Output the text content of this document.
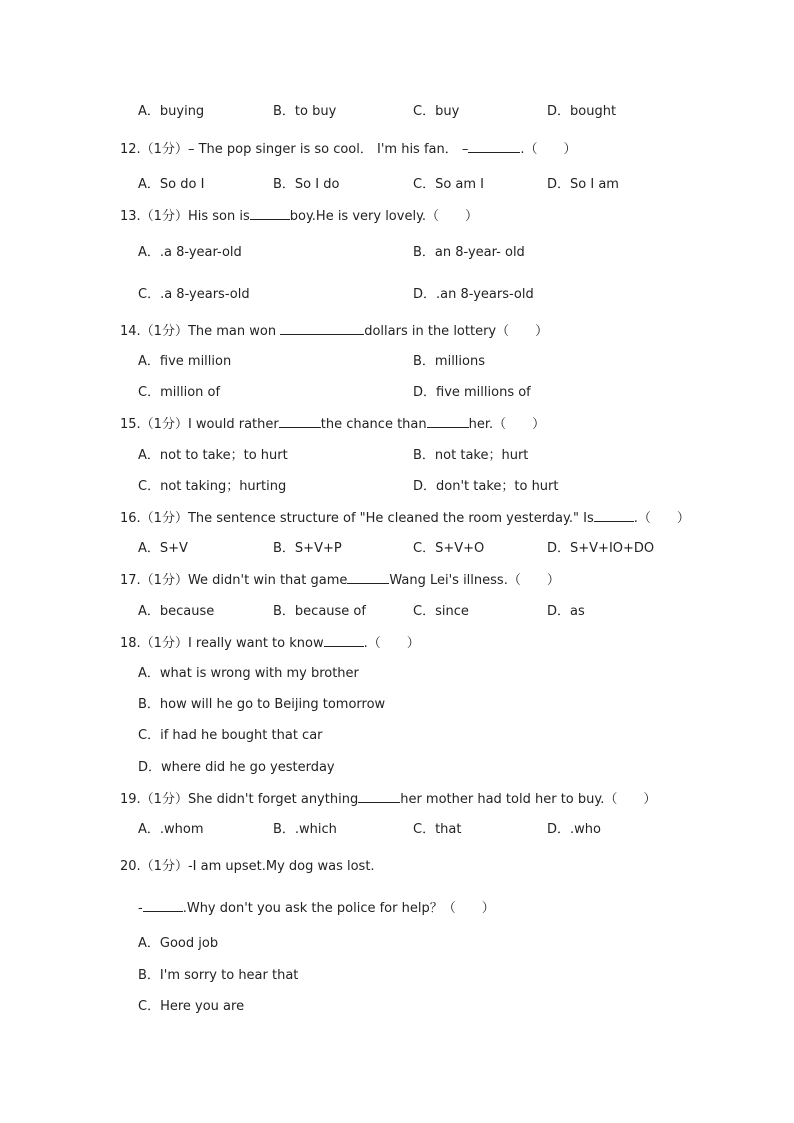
A．buying	B．to buy	C．buy	D．bought
12.（1分）– The pop singer is so cool． I'm his fan． –	.（　　）
A．So do I	B．So I do	C．So am I	D．So I am
13.（1分）His son is	boy.He is very lovely.（　　）
A．.a 8-year-old	B．an 8-year- old
C．.a 8-years-old	D．.an 8-years-old
14.（1分）The man won	dollars in the lottery（　　）
A．five million	B．millions
C．million of	D．five millions of
15.（1分）I would rather	the chance than	her.（　　）
A．not to take；to hurt	B．not take；hurt
C．not taking；hurting	D．don't take；to hurt
16.（1分）The sentence structure of "He cleaned the room yesterday." Is	.（　　）
A．S+V	B．S+V+P	C．S+V+O	D．S+V+IO+DO
17.（1分）We didn't win that game	Wang Lei's illness.（　　）
A．because	B．because of	C．since	D．as
18.（1分）I really want to know	.（　　）
A．what is wrong with my brother
B．how will he go to Beijing tomorrow
C．if had he bought that car
D．where did he go yesterday
19.（1分）She didn't forget anything	her mother had told her to buy.（　　）
A．.whom	B．.which	C．that	D．.who
20.（1分）-I am upset.My dog was lost.
-	.Why don't you ask the police for help？（　　）
A．Good job
B．I'm sorry to hear that
C．Here you are
